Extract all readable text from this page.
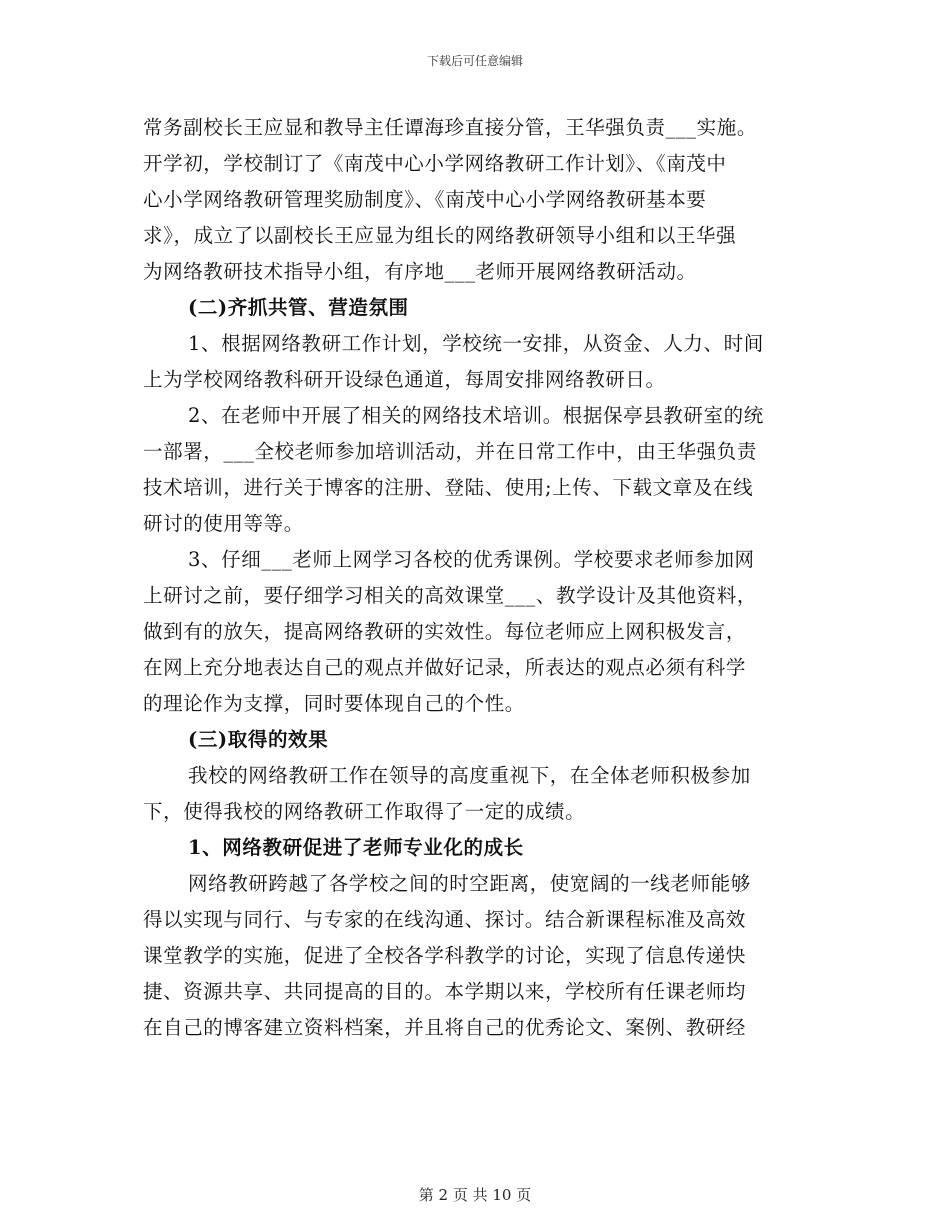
下载后可任意编辑

常务副校长王应显和教导主任谭海珍直接分管，王华强负责___实施。

开学初，学校制订了《南茂中心小学网络教研工作计划》、《南茂中

心小学网络教研管理奖励制度》、《南茂中心小学网络教研基本要

求》，成立了以副校长王应显为组长的网络教研领导小组和以王华强

为网络教研技术指导小组，有序地___老师开展网络教研活动。

(二)齐抓共管、营造氛围

1、根据网络教研工作计划，学校统一安排，从资金、人力、时间

上为学校网络教科研开设绿色通道，每周安排网络教研日。

2、在老师中开展了相关的网络技术培训。根据保亭县教研室的统

一部署，___全校老师参加培训活动，并在日常工作中，由王华强负责

技术培训，进行关于博客的注册、登陆、使用;上传、下载文章及在线

研讨的使用等等。

3、仔细___老师上网学习各校的优秀课例。学校要求老师参加网

上研讨之前，要仔细学习相关的高效课堂___、教学设计及其他资料，

做到有的放矢，提高网络教研的实效性。每位老师应上网积极发言，

在网上充分地表达自己的观点并做好记录，所表达的观点必须有科学

的理论作为支撑，同时要体现自己的个性。

(三)取得的效果

我校的网络教研工作在领导的高度重视下，在全体老师积极参加

下，使得我校的网络教研工作取得了一定的成绩。

1、网络教研促进了老师专业化的成长

网络教研跨越了各学校之间的时空距离，使宽阔的一线老师能够

得以实现与同行、与专家的在线沟通、探讨。结合新课程标准及高效

课堂教学的实施，促进了全校各学科教学的讨论，实现了信息传递快

捷、资源共享、共同提高的目的。本学期以来，学校所有任课老师均

在自己的博客建立资料档案，并且将自己的优秀论文、案例、教研经

第 2 页 共 10 页
